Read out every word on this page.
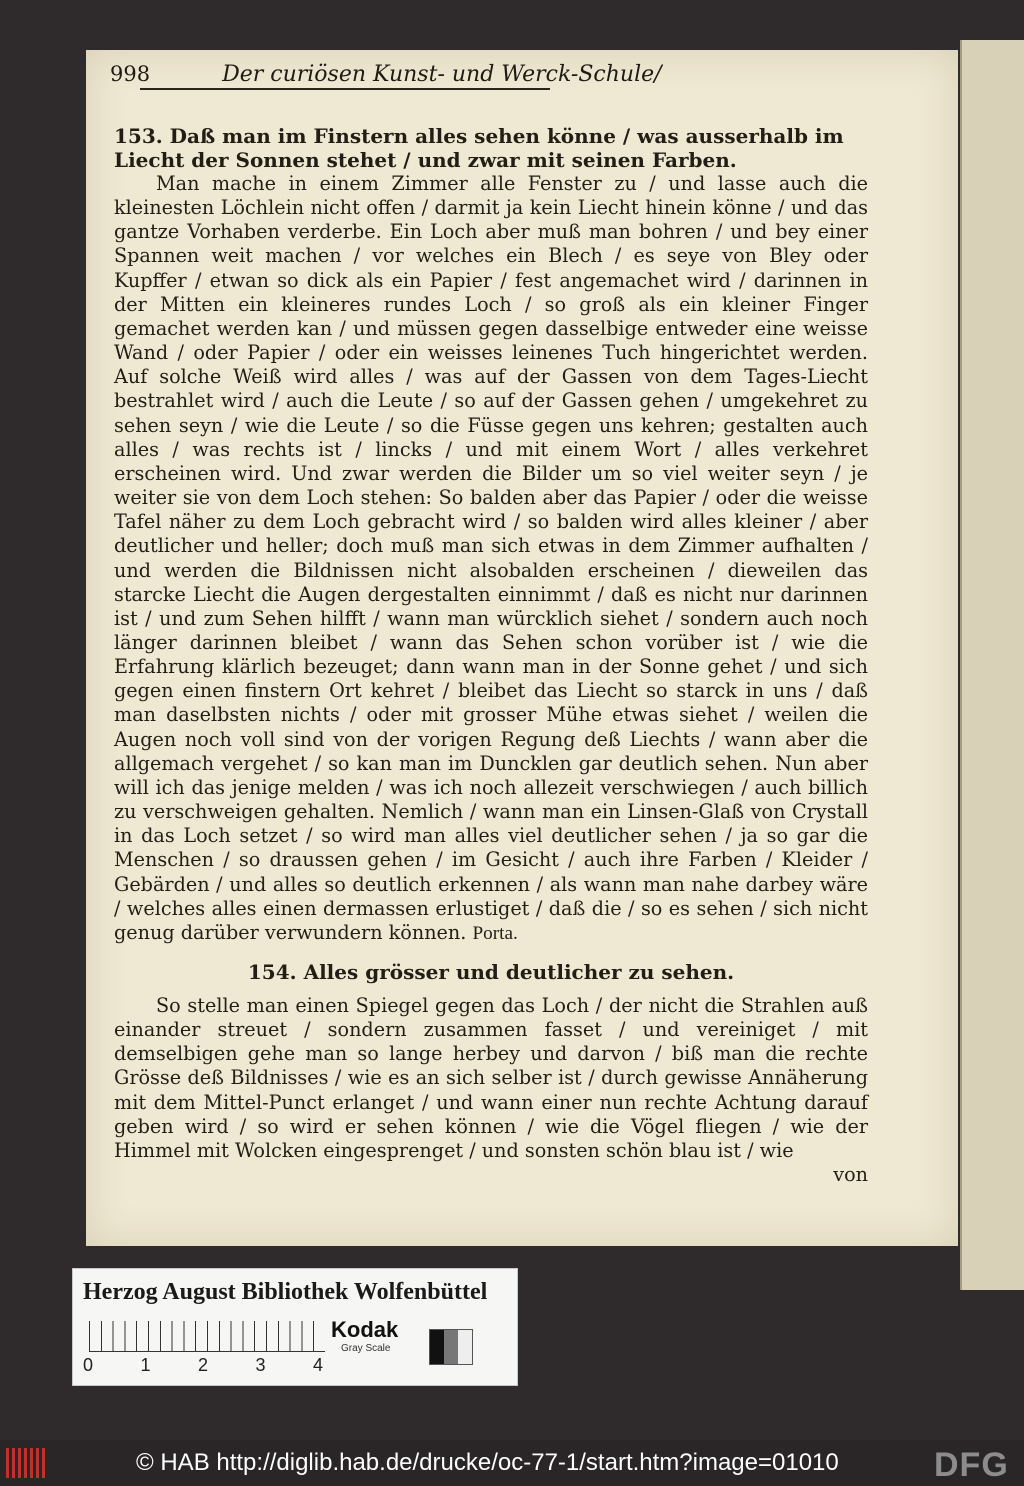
998	Der curiösen Kunst- und Werck-Schule/

153. Daß man im Finstern alles sehen könne / was ausserhalb im Liecht der Sonnen stehet / und zwar mit seinen Farben.

Man mache in einem Zimmer alle Fenster zu / und lasse auch die kleinesten Löchlein nicht offen / darmit ja kein Liecht hinein könne / und das gantze Vorhaben verderbe. Ein Loch aber muß man bohren / und bey einer Spannen weit machen / vor welches ein Blech / es seye von Bley oder Kupffer / etwan so dick als ein Papier / fest angemachet wird / darinnen in der Mitten ein kleineres rundes Loch / so groß als ein kleiner Finger gemachet werden kan / und müssen gegen dasselbige entweder eine weisse Wand / oder Papier / oder ein weisses leinenes Tuch hingerichtet werden. Auf solche Weiß wird alles / was auf der Gassen von dem Tages-Liecht bestrahlet wird / auch die Leute / so auf der Gassen gehen / umgekehret zu sehen seyn / wie die Leute / so die Füsse gegen uns kehren; gestalten auch alles / was rechts ist / lincks / und mit einem Wort / alles verkehret erscheinen wird. Und zwar werden die Bilder um so viel weiter seyn / je weiter sie von dem Loch stehen: So balden aber das Papier / oder die weisse Tafel näher zu dem Loch gebracht wird / so balden wird alles kleiner / aber deutlicher und heller; doch muß man sich etwas in dem Zimmer aufhalten / und werden die Bildnissen nicht alsobalden erscheinen / dieweilen das starcke Liecht die Augen dergestalten einnimmt / daß es nicht nur darinnen ist / und zum Sehen hilfft / wann man würcklich siehet / sondern auch noch länger darinnen bleibet / wann das Sehen schon vorüber ist / wie die Erfahrung klärlich bezeuget; dann wann man in der Sonne gehet / und sich gegen einen finstern Ort kehret / bleibet das Liecht so starck in uns / daß man daselbsten nichts / oder mit grosser Mühe etwas siehet / weilen die Augen noch voll sind von der vorigen Regung deß Liechts / wann aber die allgemach vergehet / so kan man im Duncklen gar deutlich sehen. Nun aber will ich das jenige melden / was ich noch allezeit verschwiegen / auch billich zu verschweigen gehalten. Nemlich / wann man ein Linsen-Glaß von Crystall in das Loch setzet / so wird man alles viel deutlicher sehen / ja so gar die Menschen / so draussen gehen / im Gesicht / auch ihre Farben / Kleider / Gebärden / und alles so deutlich erkennen / als wann man nahe darbey wäre / welches alles einen dermassen erlustiget / daß die / so es sehen / sich nicht genug darüber verwundern können. Porta.

154. Alles grösser und deutlicher zu sehen.

So stelle man einen Spiegel gegen das Loch / der nicht die Strahlen auß einander streuet / sondern zusammen fasset / und vereiniget / mit demselbigen gehe man so lange herbey und darvon / biß man die rechte Grösse deß Bildnisses / wie es an sich selber ist / durch gewisse Annäherung mit dem Mittel-Punct erlanget / und wann einer nun rechte Achtung darauf geben wird / so wird er sehen können / wie die Vögel fliegen / wie der Himmel mit Wolcken eingesprenget / und sonsten schön blau ist / wie

von

Herzog August Bibliothek Wolfenbüttel
0	1	2	3	4
Kodak
Gray Scale
© HAB http://diglib.hab.de/drucke/oc-77-1/start.htm?image=01010	DFG
